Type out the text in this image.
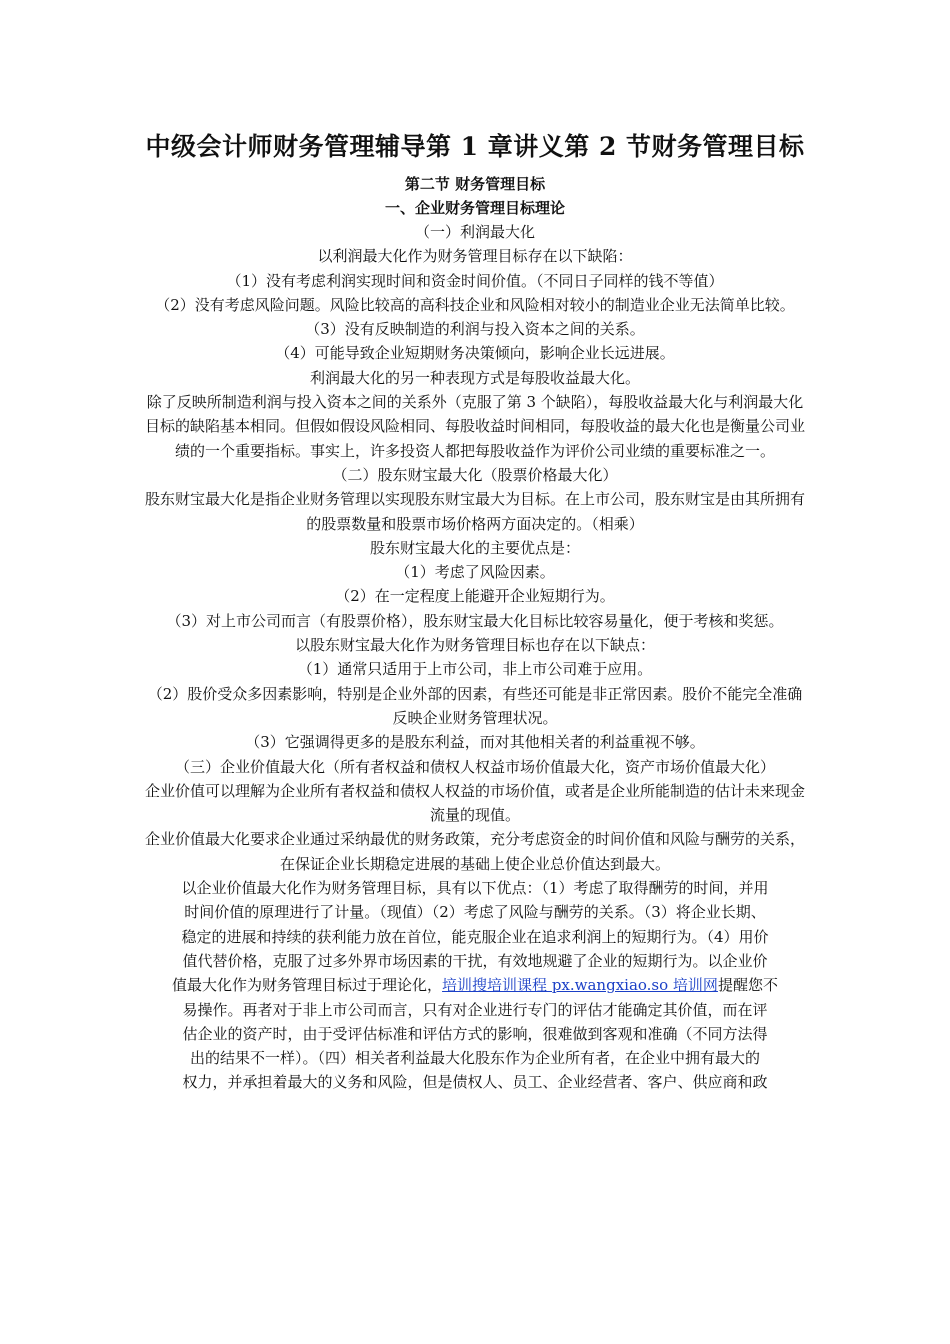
中级会计师财务管理辅导第 1 章讲义第 2 节财务管理目标

第二节 财务管理目标

一、企业财务管理目标理论

（一）利润最大化

以利润最大化作为财务管理目标存在以下缺陷：

（1）没有考虑利润实现时间和资金时间价值。（不同日子同样的钱不等值）

（2）没有考虑风险问题。风险比较高的高科技企业和风险相对较小的制造业企业无法简单比较。

（3）没有反映制造的利润与投入资本之间的关系。

（4）可能导致企业短期财务决策倾向，影响企业长远进展。

利润最大化的另一种表现方式是每股收益最大化。

除了反映所制造利润与投入资本之间的关系外（克服了第 3 个缺陷），每股收益最大化与利润最大化目标的缺陷基本相同。但假如假设风险相同、每股收益时间相同，每股收益的最大化也是衡量公司业绩的一个重要指标。事实上，许多投资人都把每股收益作为评价公司业绩的重要标准之一。

（二）股东财宝最大化（股票价格最大化）

股东财宝最大化是指企业财务管理以实现股东财宝最大为目标。在上市公司，股东财宝是由其所拥有的股票数量和股票市场价格两方面决定的。（相乘）

股东财宝最大化的主要优点是：

（1）考虑了风险因素。

（2）在一定程度上能避开企业短期行为。

（3）对上市公司而言（有股票价格），股东财宝最大化目标比较容易量化，便于考核和奖惩。

以股东财宝最大化作为财务管理目标也存在以下缺点：

（1）通常只适用于上市公司，非上市公司难于应用。

（2）股价受众多因素影响，特别是企业外部的因素，有些还可能是非正常因素。股价不能完全准确反映企业财务管理状况。

（3）它强调得更多的是股东利益，而对其他相关者的利益重视不够。

（三）企业价值最大化（所有者权益和债权人权益市场价值最大化，资产市场价值最大化）

企业价值可以理解为企业所有者权益和债权人权益的市场价值，或者是企业所能制造的估计未来现金流量的现值。

企业价值最大化要求企业通过采纳最优的财务政策，充分考虑资金的时间价值和风险与酬劳的关系，在保证企业长期稳定进展的基础上使企业总价值达到最大。

以企业价值最大化作为财务管理目标，具有以下优点：（1）考虑了取得酬劳的时间，并用
时间价值的原理进行了计量。（现值）（2）考虑了风险与酬劳的关系。（3）将企业长期、
稳定的进展和持续的获利能力放在首位，能克服企业在追求利润上的短期行为。（4）用价
值代替价格，克服了过多外界市场因素的干扰，有效地规避了企业的短期行为。以企业价
值最大化作为财务管理目标过于理论化，培训搜培训课程 px.wangxiao.so 培训网提醒您不
易操作。再者对于非上市公司而言，只有对企业进行专门的评估才能确定其价值，而在评
估企业的资产时，由于受评估标准和评估方式的影响，很难做到客观和准确（不同方法得
出的结果不一样）。（四）相关者利益最大化股东作为企业所有者，在企业中拥有最大的
权力，并承担着最大的义务和风险，但是债权人、员工、企业经营者、客户、供应商和政
